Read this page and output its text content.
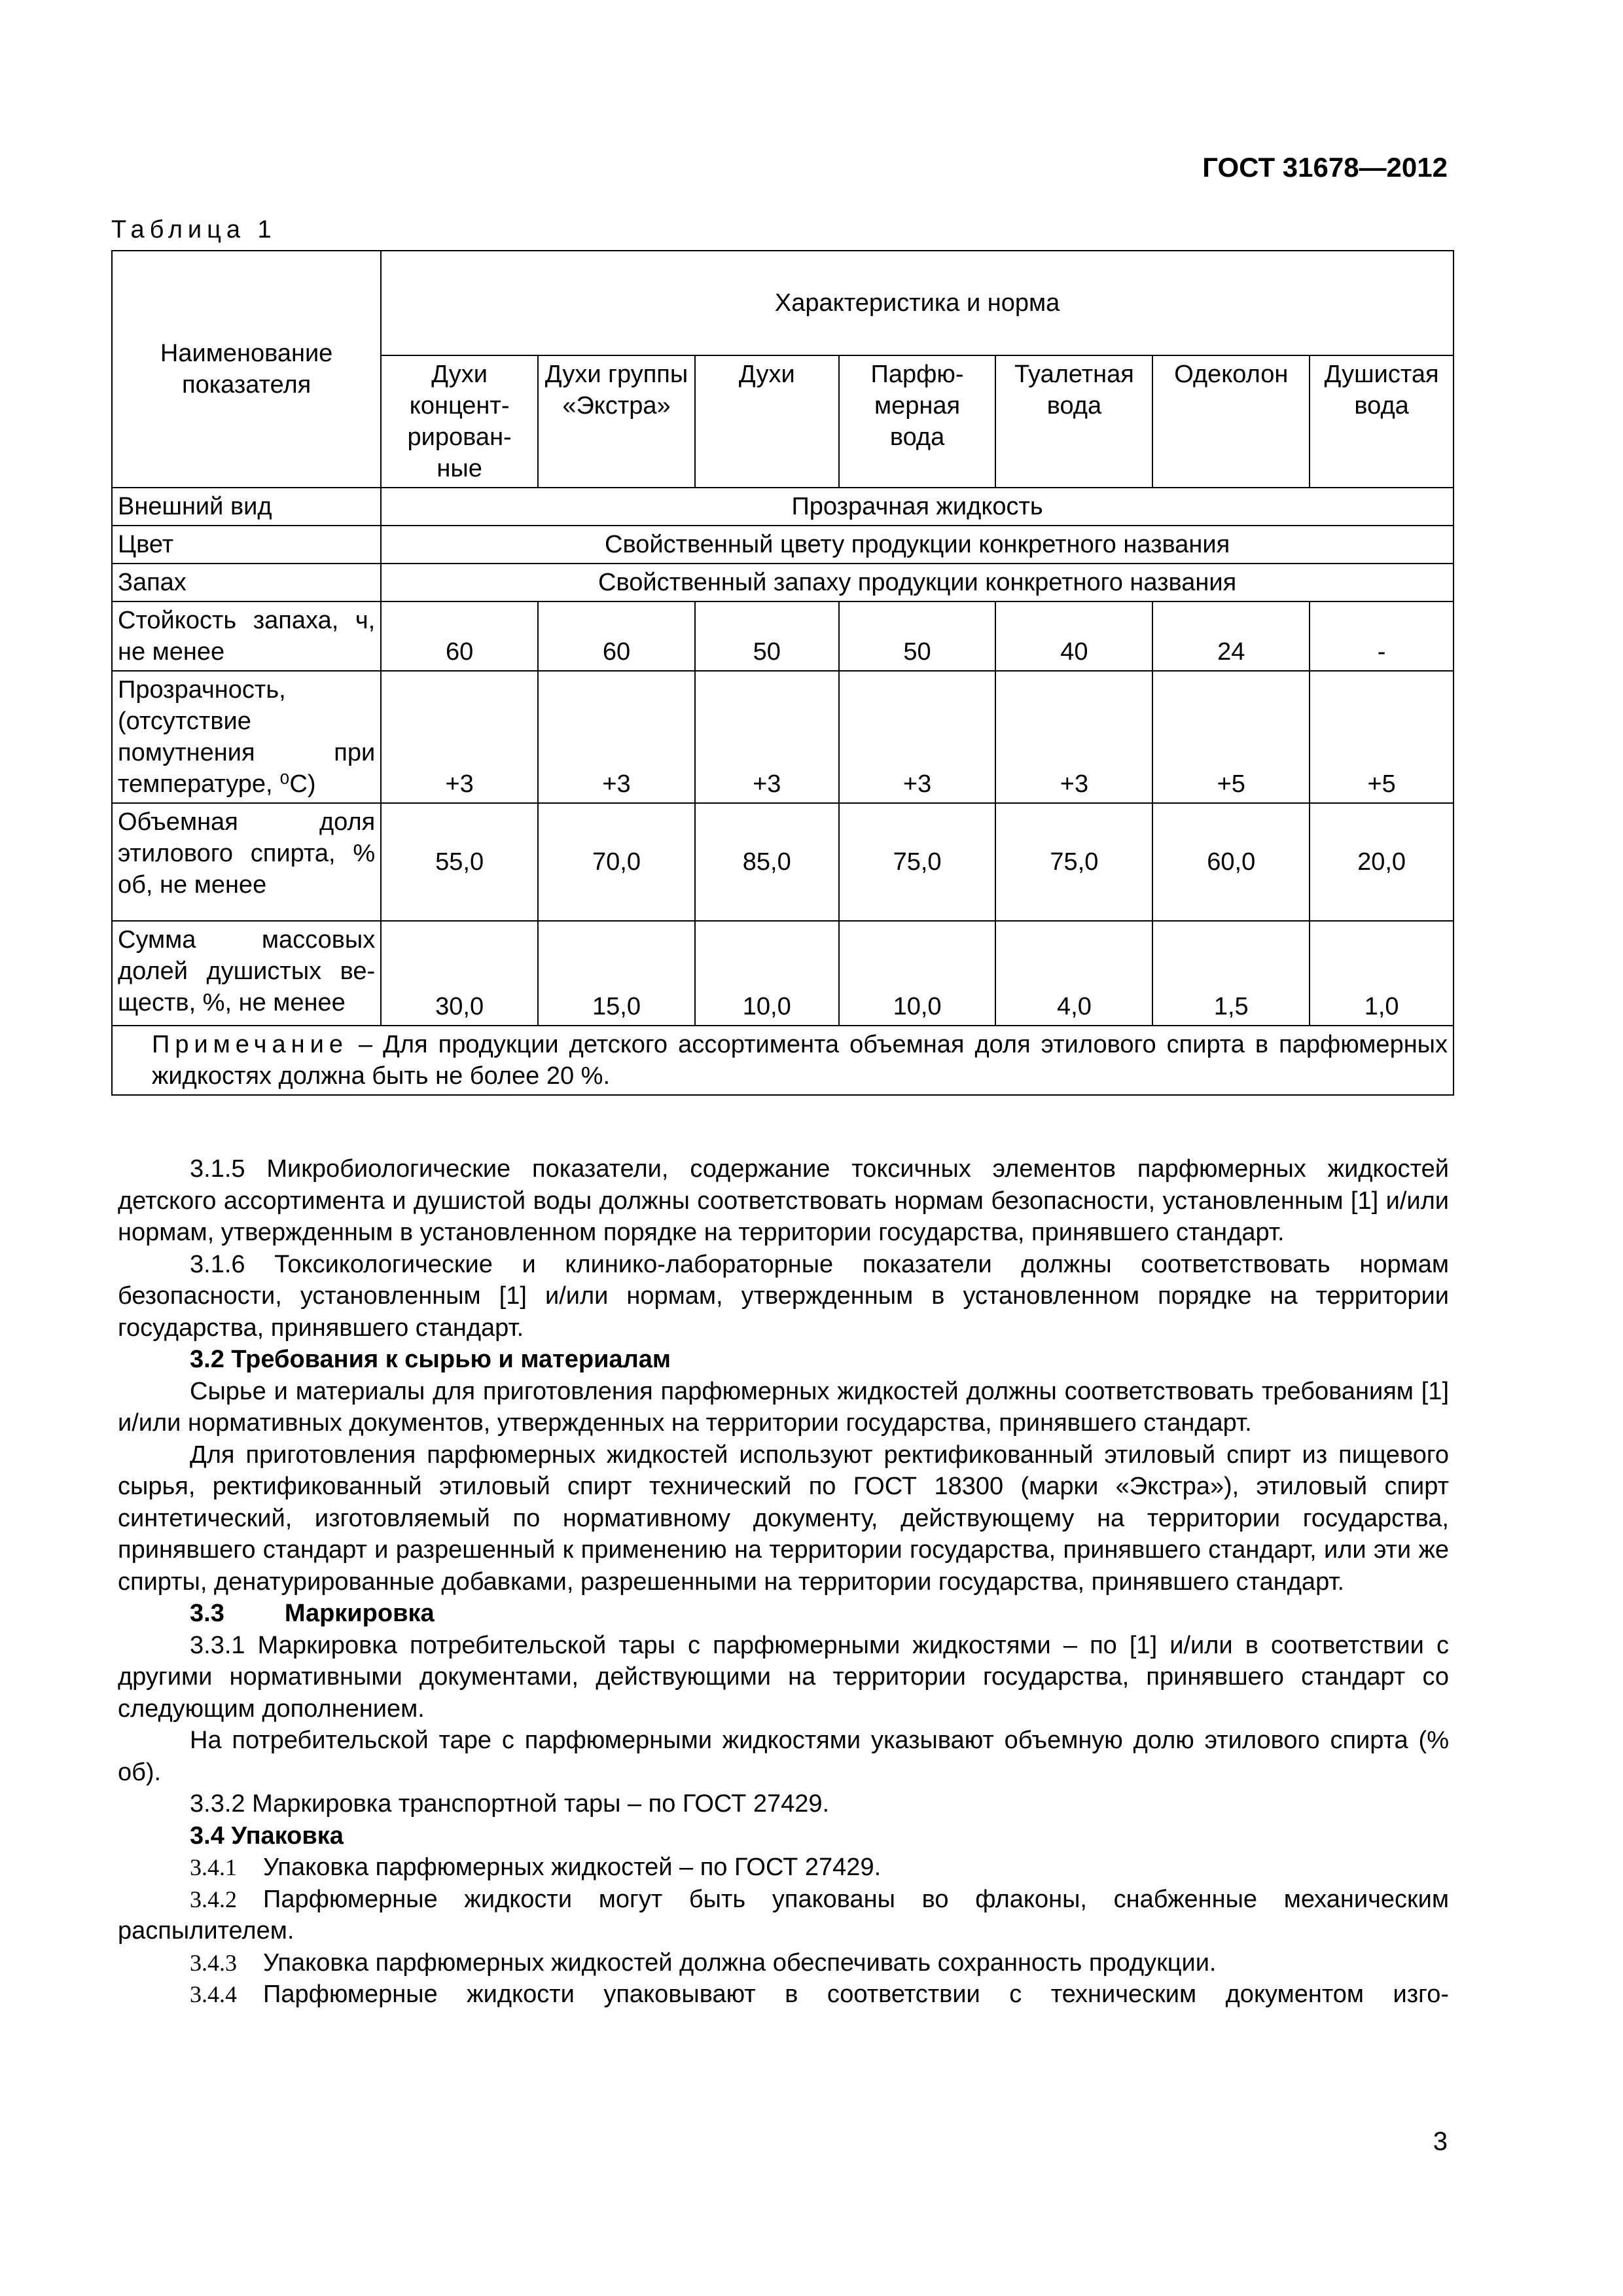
ГОСТ 31678—2012
Таблица 1
Наименование показателя	Характеристика и норма						
	Духи концент- рирован- ные	Духи группы «Экстра»	Духи	Парфю- мерная вода	Туалетная вода	Одеколон	Душистая вода
Внешний вид	Прозрачная жидкость						
Цвет	Свойственный цвету продукции конкретного названия						
Запах	Свойственный запаху продукции конкретного названия						
Стойкость запаха, ч, не менее	60	60	50	50	40	24	-
Прозрачность, (отсутствие помутнения при температуре, ⁰С)	+3	+3	+3	+3	+3	+5	+5
Объемная доля этилового спирта, % об, не менее	55,0	70,0	85,0	75,0	75,0	60,0	20,0
Сумма массовых долей душистых ве- ществ, %, не менее	30,0	15,0	10,0	10,0	4,0	1,5	1,0
Примечание – Для продукции детского ассортимента объемная доля этилового спирта в парфюмерных жидкостях должна быть не более 20 %.							

3.1.5 Микробиологические показатели, содержание токсичных элементов парфюмерных жидкостей детского ассортимента и душистой воды должны соответствовать нормам безопасности, установленным [1] и/или нормам, утвержденным в установленном порядке на территории государства, принявшего стандарт.

3.1.6 Токсикологические и клинико-лабораторные показатели должны соответствовать нормам безопасности, установленным [1] и/или нормам, утвержденным в установленном порядке на территории государства, принявшего стандарт.

3.2 Требования к сырью и материалам

Сырье и материалы для приготовления парфюмерных жидкостей должны соответствовать требованиям [1] и/или нормативных документов, утвержденных на территории государства, принявшего стандарт.

Для приготовления парфюмерных жидкостей используют ректификованный этиловый спирт из пищевого сырья, ректификованный этиловый спирт технический по ГОСТ 18300 (марки «Экстра»), этиловый спирт синтетический, изготовляемый по нормативному документу, действующему на территории государства, принявшего стандарт и разрешенный к применению на территории государства, принявшего стандарт, или эти же спирты, денатурированные добавками, разрешенными на территории государства, принявшего стандарт.

3.3 Маркировка

3.3.1 Маркировка потребительской тары с парфюмерными жидкостями – по [1] и/или в соответствии с другими нормативными документами, действующими на территории государства, принявшего стандарт со следующим дополнением.

На потребительской таре с парфюмерными жидкостями указывают объемную долю этилового спирта (% об).

3.3.2 Маркировка транспортной тары – по ГОСТ 27429.

3.4 Упаковка

3.4.1 Упаковка парфюмерных жидкостей – по ГОСТ 27429.

3.4.2 Парфюмерные жидкости могут быть упакованы во флаконы, снабженные механическим распылителем.

3.4.3 Упаковка парфюмерных жидкостей должна обеспечивать сохранность продукции.

3.4.4 Парфюмерные жидкости упаковывают в соответствии с техническим документом изго-

3
